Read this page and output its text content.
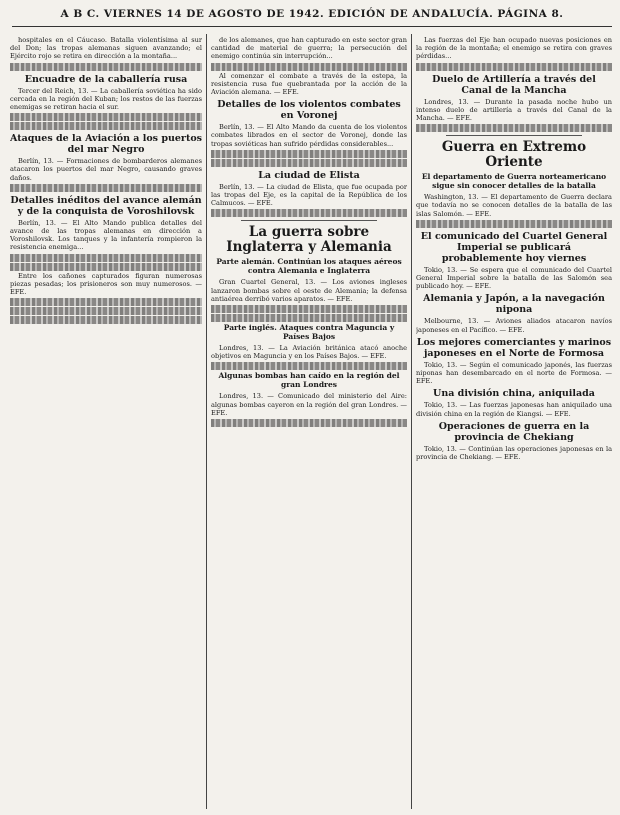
A B C. VIERNES 14 DE AGOSTO DE 1942. EDICIÓN DE ANDALUCÍA. PÁGINA 8.

hospitales en el Cáucaso. Batalla violentísima al sur del Don; las tropas alemanas siguen avanzando; el Ejército rojo se retira en dirección a la montaña...

Encuadre de la caballería rusa

Tercer del Reich, 13. — La caballería soviética ha sido cercada en la región del Kuban; los restos de las fuerzas enemigas se retiran hacia el sur.

Ataques de la Aviación a los puertos del mar Negro

Berlín, 13. — Formaciones de bombarderos alemanes atacaron los puertos del mar Negro, causando graves daños.

Detalles inéditos del avance alemán y de la conquista de Voroshilovsk

Berlín, 13. — El Alto Mando publica detalles del avance de las tropas alemanas en dirección a Voroshilovsk. Los tanques y la infantería rompieron la resistencia enemiga...

Entre los cañones capturados figuran numerosas piezas pesadas; los prisioneros son muy numerosos. — EFE.

de los alemanes, que han capturado en este sector gran cantidad de material de guerra; la persecución del enemigo continúa sin interrupción...

Al comenzar el combate a través de la estepa, la resistencia rusa fue quebrantada por la acción de la Aviación alemana. — EFE.

Detalles de los violentos combates en Voronej

Berlín, 13. — El Alto Mando da cuenta de los violentos combates librados en el sector de Voronej, donde las tropas soviéticas han sufrido pérdidas considerables...

La ciudad de Elista

Berlín, 13. — La ciudad de Elista, que fue ocupada por las tropas del Eje, es la capital de la República de los Calmucos. — EFE.

La guerra sobre Inglaterra y Alemania
Parte alemán. Continúan los ataques aéreos contra Alemania e Inglaterra

Gran Cuartel General, 13. — Los aviones ingleses lanzaron bombas sobre el oeste de Alemania; la defensa antiaérea derribó varios aparatos. — EFE.

Parte inglés. Ataques contra Maguncia y Países Bajos

Londres, 13. — La Aviación británica atacó anoche objetivos en Maguncia y en los Países Bajos. — EFE.

Algunas bombas han caído en la región del gran Londres

Londres, 13. — Comunicado del ministerio del Aire: algunas bombas cayeron en la región del gran Londres. — EFE.

Las fuerzas del Eje han ocupado nuevas posiciones en la región de la montaña; el enemigo se retira con graves pérdidas...

Duelo de Artillería a través del Canal de la Mancha

Londres, 13. — Durante la pasada noche hubo un intenso duelo de artillería a través del Canal de la Mancha. — EFE.

Guerra en Extremo Oriente
El departamento de Guerra norteamericano sigue sin conocer detalles de la batalla

Washington, 13. — El departamento de Guerra declara que todavía no se conocen detalles de la batalla de las islas Salomón. — EFE.

El comunicado del Cuartel General Imperial se publicará probablemente hoy viernes

Tokio, 13. — Se espera que el comunicado del Cuartel General Imperial sobre la batalla de las Salomón sea publicado hoy. — EFE.

Alemania y Japón, a la navegación nipona

Melbourne, 13. — Aviones aliados atacaron navíos japoneses en el Pacífico. — EFE.

Los mejores comerciantes y marinos japoneses en el Norte de Formosa

Tokio, 13. — Según el comunicado japonés, las fuerzas niponas han desembarcado en el norte de Formosa. — EFE.

Una división china, aniquilada

Tokio, 13. — Las fuerzas japonesas han aniquilado una división china en la región de Kiangsi. — EFE.

Operaciones de guerra en la provincia de Chekiang

Tokio, 13. — Continúan las operaciones japonesas en la provincia de Chekiang. — EFE.
